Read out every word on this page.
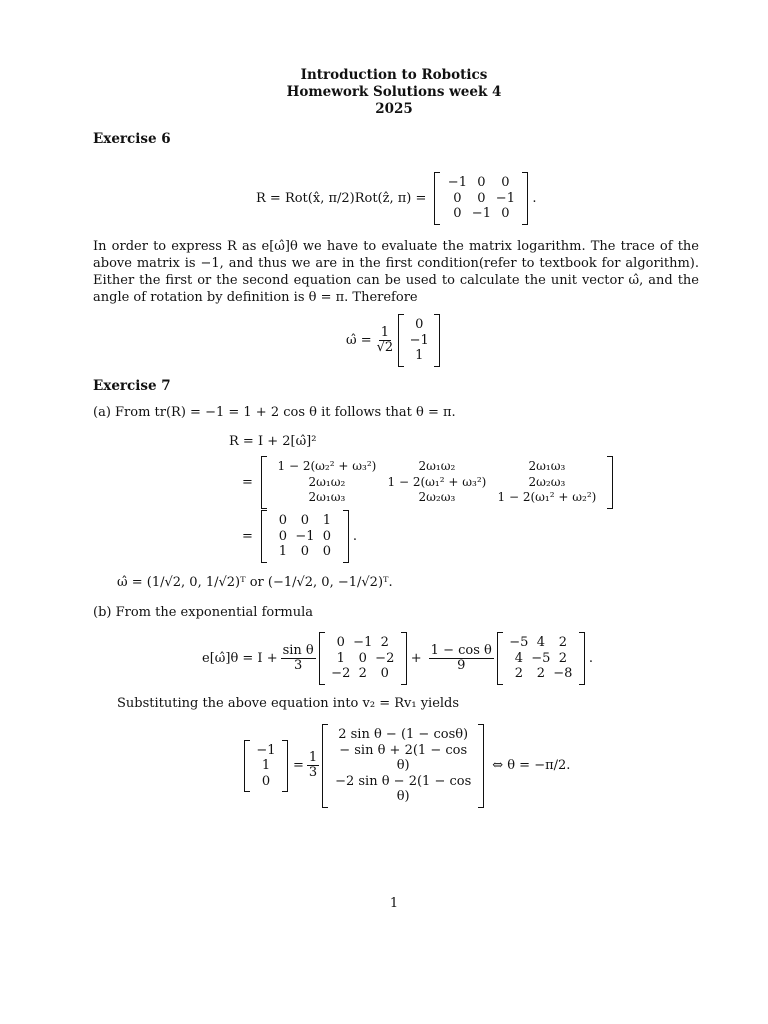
Introduction to Robotics
Homework Solutions week 4
2025
Exercise 6
R = Rot(x̂, π/2)Rot(ẑ, π) =
−1 0	0
0	0 −1
0 −1 0
.
In order to express R as e[ω̂]θ we have to evaluate the matrix logarithm. The trace of the above matrix is −1, and thus we are in the first condition(refer to textbook for algorithm). Either the first or the second equation can be used to calculate the unit vector ω̂, and the angle of rotation by definition is θ = π. Therefore
ω̂ = $\frac{1}{√2}$
0
−1
1
Exercise 7
(a) From tr(R) = −1 = 1 + 2 cos θ it follows that θ = π.
R = I + 2[ω̂]²
=
1 − 2(ω₂² + ω₃²)	2ω₁ω₂	2ω₁ω₃
2ω₁ω₂	1 − 2(ω₁² + ω₃²)	2ω₂ω₃
2ω₁ω₃	2ω₂ω₃	1 − 2(ω₁² + ω₂²)
=
0	0	1
0 −1 0
1	0	0
.
ω̂ = (1/√2, 0, 1/√2)ᵀ or (−1/√2, 0, −1/√2)ᵀ.
(b) From the exponential formula
e[ω̂]θ = $I + \frac{\text{sin θ}}{3}$
0 −1 2
1	0 −2
−2 2	0
+ $\frac{\text{1 − cos θ}}{9}$
−5 4	2
4 −5 2
2	2 −8
.
Substituting the above equation into v₂ = Rv₁ yields
−1
1
0
= $\frac{1}{3}$
2 sin θ − (1 − cosθ)
− sin θ + 2(1 − cos θ)
−2 sin θ − 2(1 − cos θ)
⇔ θ = −π/2.
1
